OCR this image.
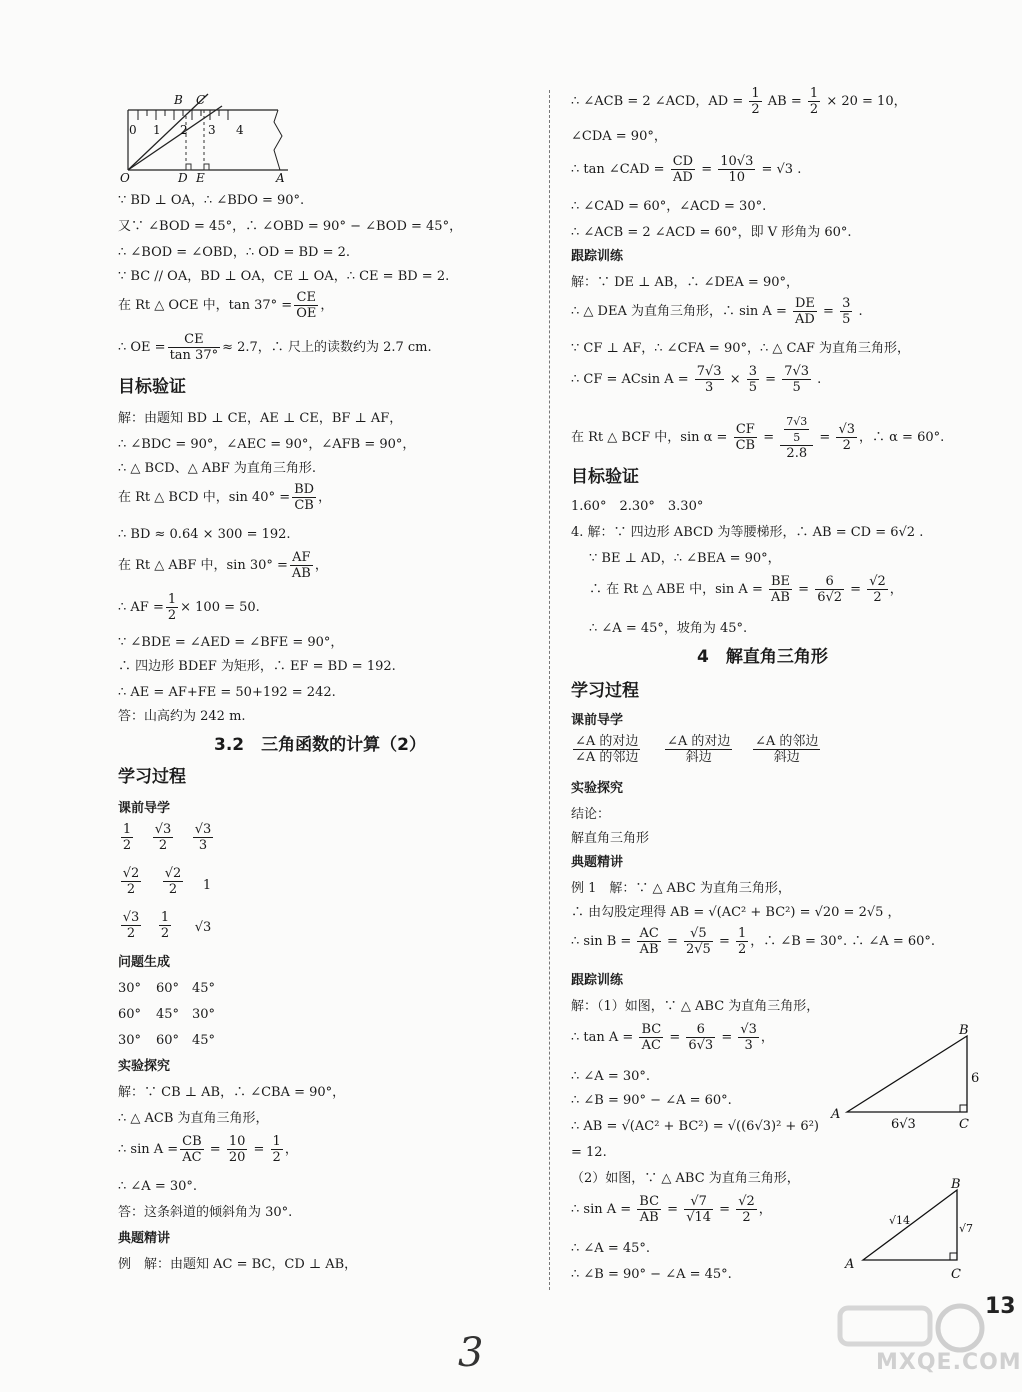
B C
0 1 2 3 4
O	D E	A
∵ BD ⊥ OA，∴ ∠BDO = 90°.
又∵ ∠BOD = 45°，∴ ∠OBD = 90° − ∠BOD = 45°，
∴ ∠BOD = ∠OBD，∴ OD = BD = 2.
∵ BC // OA，BD ⊥ OA，CE ⊥ OA，∴ CE = BD = 2.
在 Rt △ OCE 中，$\tan 37^\circ = \frac{CE}{OE}$ ，
∴ OE = $\frac{CE}{\tan 37^\circ} \approx 2.7$，∴ 尺上的读数约为 2.7 cm.
目标验证
解：由题知 BD ⊥ CE，AE ⊥ CE，BF ⊥ AF，
∴ ∠BDC = 90°，∠AEC = 90°，∠AFB = 90°，
∴ △ BCD、△ ABF 为直角三角形.
在 Rt △ BCD 中，$\sin 40^\circ = \frac{BD}{CB}$ ，
∴ BD ≈ 0.64 × 300 = 192.
在 Rt △ ABF 中，$\sin 30^\circ = \frac{AF}{AB}$ ，
∴ AF = $\frac{1}{2} \times 100 = 50$.
∵ ∠BDE = ∠AED = ∠BFE = 90°，
∴ 四边形 BDEF 为矩形，∴ EF = BD = 192.
∴ AE = AF+FE = 50+192 = 242.
答：山高约为 242 m.
3.2　三角函数的计算（2）
学习过程
课前导学
$\frac{1}{2} \frac{√3}{2} \frac{√3}{3}$
$\frac{√2}{2} \frac{√2}{2}$	1
$\frac{√3}{2} \frac{1}{2}$	√3
问题生成
30° 60° 45°
60° 45° 30°
30° 60° 45°
实验探究
解：∵ CB ⊥ AB，∴ ∠CBA = 90°，
∴ △ ACB 为直角三角形，
∴ $\sin A = \frac{CB}{AC} = \frac{10}{20} = \frac{1}{2}$ ，
∴ ∠A = 30°.
答：这条斜道的倾斜角为 30°.
典题精讲
例　解：由题知 AC = BC，CD ⊥ AB，
∴ ∠ACB = 2 ∠ACD，AD = $\frac{1}{2}$ AB = $\frac{1}{2} \times 20 = 10$，
∠CDA = 90°，
∴ tan ∠CAD = $\frac{CD}{AD} = \frac{10√3}{10} = √3$ .
∴ ∠CAD = 60°，∠ACD = 30°.
∴ ∠ACB = 2 ∠ACD = 60°，即 V 形角为 60°.
跟踪训练
解：∵ DE ⊥ AB，∴ ∠DEA = 90°，
∴ △ DEA 为直角三角形，∴ $\sin A = \frac{DE}{AD} = \frac{3}{5}$ .
∵ CF ⊥ AF，∴ ∠CFA = 90°，∴ △ CAF 为直角三角形，
∴ CF = ACsin $A = \frac{7√3}{3} \times \frac{3}{5} = \frac{7√3}{5}$ .
在 Rt △ BCF 中，$\sin \alpha = \frac{CF}{CB} = \frac{\frac{7√3}{5}}{2.8} = \frac{√3}{2}$ ，∴ α = 60°.
目标验证
1.60°　2.30°　3.30°
4. 解：∵ 四边形 ABCD 为等腰梯形，∴ AB = CD = 6√2 .
∵ BE ⊥ AD，∴ ∠BEA = 90°，
∴ 在 Rt △ ABE 中，$\sin A = \frac{BE}{AB} = \frac{6}{6√2} = \frac{√2}{2}$ ，
∴ ∠A = 45°，坡角为 45°.
4　解直角三角形
学习过程
课前导学
$\frac{\text{∠A 的对边}}{\text{∠A 的邻边}} \frac{\text{∠A 的对边}}{\text{斜边}} \frac{\text{∠A 的邻边}}{\text{斜边}}$
实验探究
结论：
解直角三角形
典题精讲
例 1　解：∵ △ ABC 为直角三角形，
∴ 由勾股定理得 AB = √(AC² + BC²) = √20 = 2√5 ，
∴ $\sin B = \frac{AC}{AB} = \frac{√5}{2√5} = \frac{1}{2}$ ，∴ ∠B = 30°. ∴ ∠A = 60°.
跟踪训练
解：（1）如图，∵ △ ABC 为直角三角形，
∴ $\tan A = \frac{BC}{AC} = \frac{6}{6√3} = \frac{√3}{3}$ ，
∴ ∠A = 30°.
∴ ∠B = 90° − ∠A = 60°.
∴ AB = √(AC² + BC²) = √((6√3)² + 6²)
= 12.
（2）如图，∵ △ ABC 为直角三角形，
∴ $\sin A = \frac{BC}{AB} = \frac{√7}{√14} = \frac{√2}{2}$ ，
∴ ∠A = 45°.
∴ ∠B = 90° − ∠A = 45°.
A
B
C
6
6√3
A
B
C
√14
√7
3
13
MXQE.COM
